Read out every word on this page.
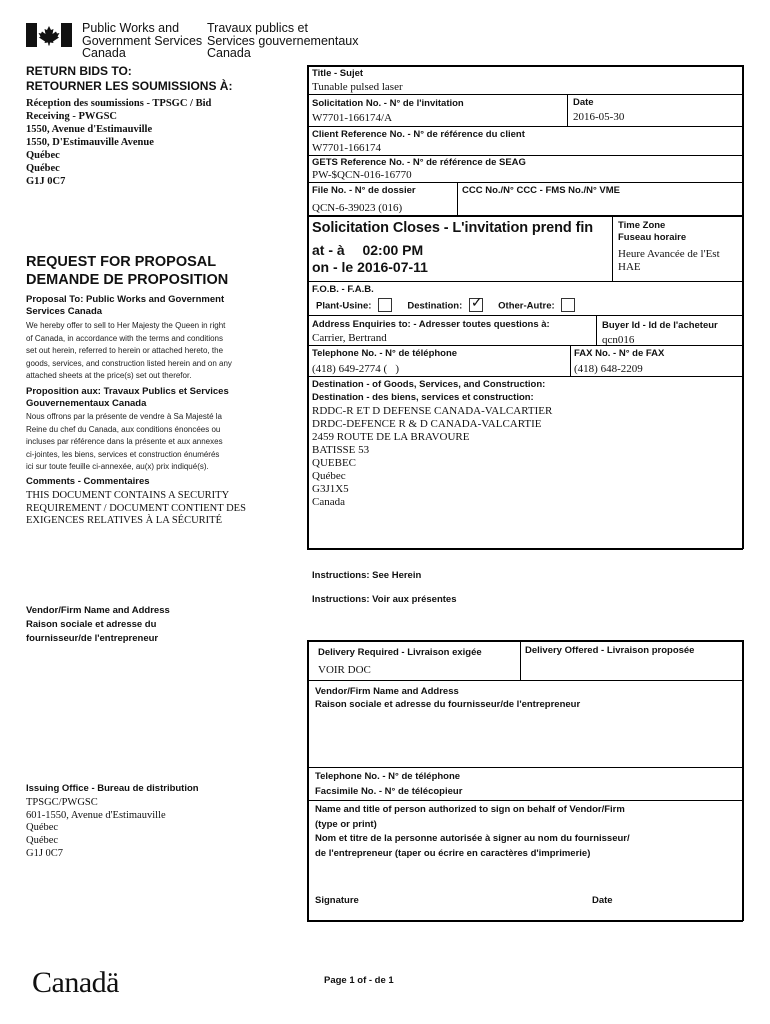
Public Works and
Government Services
Canada
Travaux publics et
Services gouvernementaux
Canada
RETURN BIDS TO:
RETOURNER LES SOUMISSIONS À:
Réception des soumissions - TPSGC / Bid
Receiving - PWGSC
1550, Avenue d'Estimauville
1550, D'Estimauville Avenue
Québec
Québec
G1J 0C7
REQUEST FOR PROPOSAL
DEMANDE DE PROPOSITION
Proposal To: Public Works and Government
Services Canada
We hereby offer to sell to Her Majesty the Queen in right
of Canada, in accordance with the terms and conditions
set out herein, referred to herein or attached hereto, the
goods, services, and construction listed herein and on any
attached sheets at the price(s) set out therefor.
Proposition aux: Travaux Publics et Services
Gouvernementaux Canada
Nous offrons par la présente de vendre à Sa Majesté la
Reine du chef du Canada, aux conditions énoncées ou
incluses par référence dans la présente et aux annexes
ci-jointes, les biens, services et construction énumérés
ici sur toute feuille ci-annexée, au(x) prix indiqué(s).
Comments - Commentaires
THIS DOCUMENT CONTAINS A SECURITY
REQUIREMENT / DOCUMENT CONTIENT DES
EXIGENCES RELATIVES À LA SÉCURITÉ
Vendor/Firm Name and Address
Raison sociale et adresse du
fournisseur/de l'entrepreneur
Issuing Office - Bureau de distribution
TPSGC/PWGSC
601-1550, Avenue d'Estimauville
Québec
Québec
G1J 0C7
Canadä
Title - Sujet
Tunable pulsed laser
Solicitation No. - N° de l'invitation
W7701-166174/A
Date
2016-05-30
Client Reference No. - N° de référence du client
W7701-166174
GETS Reference No. - N° de référence de SEAG
PW-$QCN-016-16770
File No. - N° de dossier
QCN-6-39023 (016)
CCC No./N° CCC - FMS No./N° VME
Solicitation Closes - L'invitation prend fin
at - à 02:00 PM
on - le 2016-07-11
Time Zone
Fuseau horaire
Heure Avancée de l'Est
HAE
F.O.B. - F.A.B.
Plant-Usine:	Destination: ✓ Other-Autre:
Address Enquiries to: - Adresser toutes questions à:
Carrier, Bertrand
Buyer Id - Id de l'acheteur
qcn016
Telephone No. - N° de téléphone
(418) 649-2774 (   )
FAX No. - N° de FAX
(418) 648-2209
Destination - of Goods, Services, and Construction:
Destination - des biens, services et construction:
RDDC-R ET D DEFENSE CANADA-VALCARTIER
DRDC-DEFENCE R & D CANADA-VALCARTIE
2459 ROUTE DE LA BRAVOURE
BATISSE 53
QUEBEC
Québec
G3J1X5
Canada
Instructions: See Herein
Instructions: Voir aux présentes
Delivery Required - Livraison exigée
VOIR DOC
Delivery Offered - Livraison proposée
Vendor/Firm Name and Address
Raison sociale et adresse du fournisseur/de l'entrepreneur
Telephone No. - N° de téléphone
Facsimile No. - N° de télécopieur
Name and title of person authorized to sign on behalf of Vendor/Firm
(type or print)
Nom et titre de la personne autorisée à signer au nom du fournisseur/
de l'entrepreneur (taper ou écrire en caractères d'imprimerie)
Signature	Date
Page 1 of - de 1
